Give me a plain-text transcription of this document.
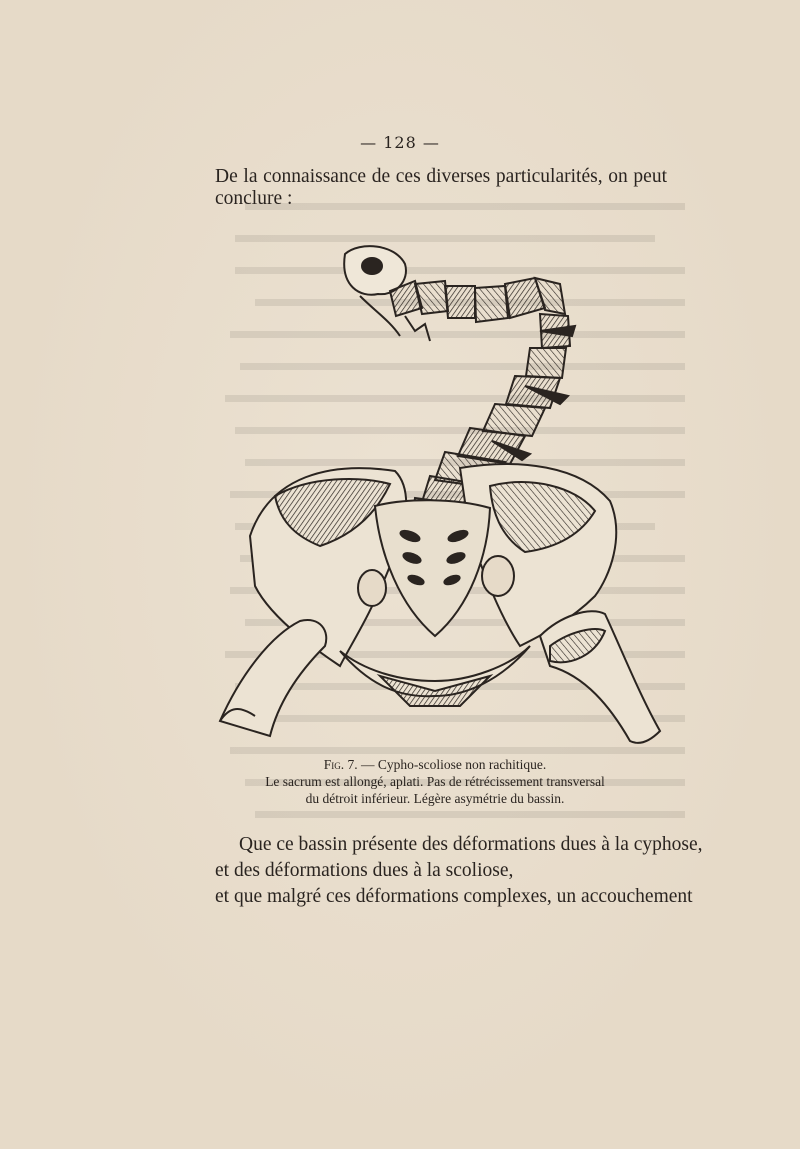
— 128 —
De la connaissance de ces diverses particularités, on peut conclure :
Fig. 7. — Cypho-scoliose non rachitique.
Le sacrum est allongé, aplati. Pas de rétrécissement transversal
du détroit inférieur. Légère asymétrie du bassin.
Que ce bassin présente des déformations dues à la cyphose,
et des déformations dues à la scoliose,
et que malgré ces déformations complexes, un accouchement
